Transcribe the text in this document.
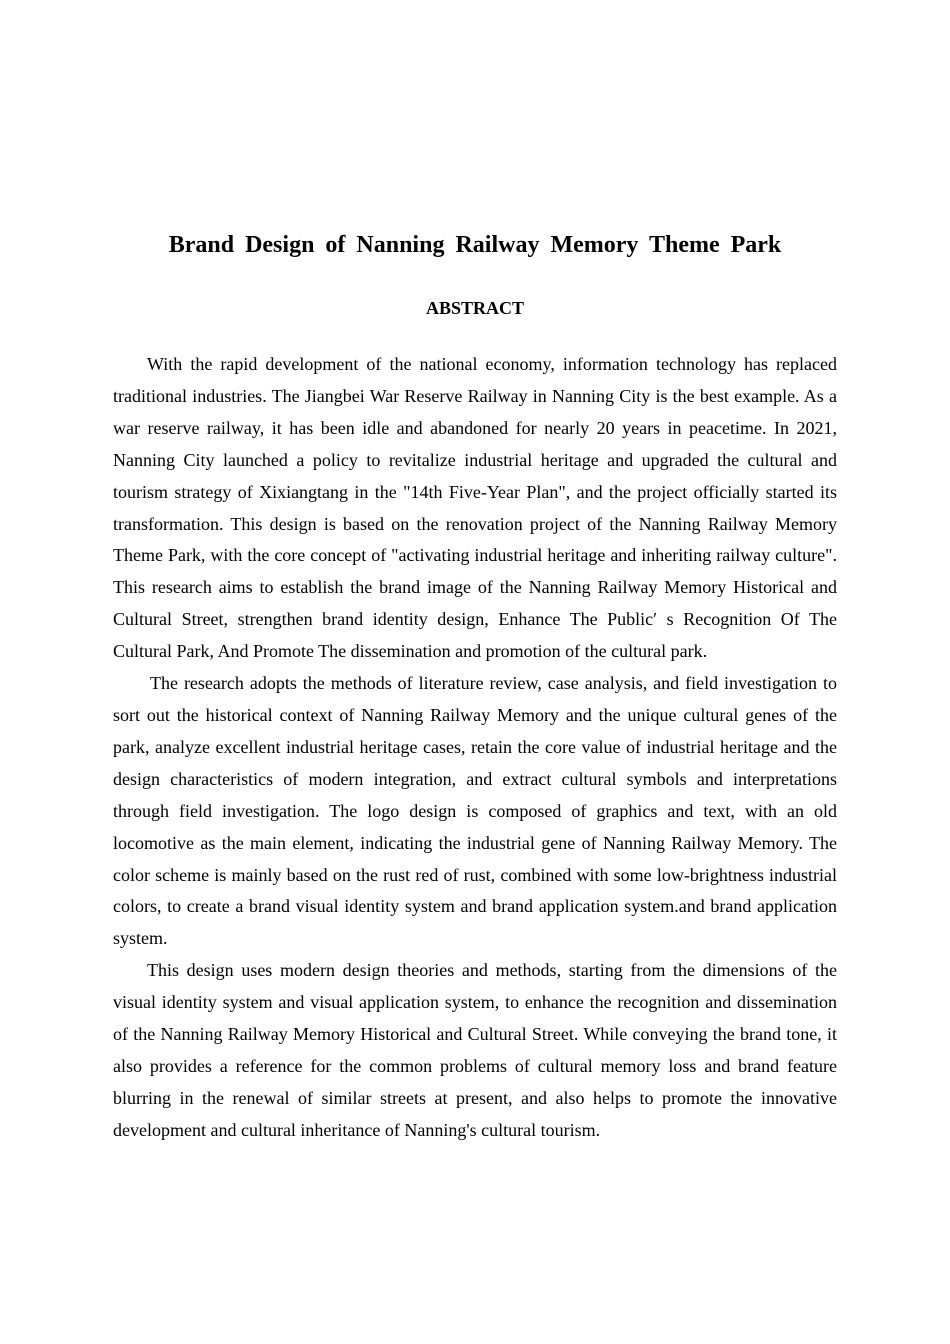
Brand Design of Nanning Railway Memory Theme Park
ABSTRACT

With the rapid development of the national economy, information technology has replaced traditional industries. The Jiangbei War Reserve Railway in Nanning City is the best example. As a war reserve railway, it has been idle and abandoned for nearly 20 years in peacetime. In 2021, Nanning City launched a policy to revitalize industrial heritage and upgraded the cultural and tourism strategy of Xixiangtang in the "14th Five-Year Plan", and the project officially started its transformation. This design is based on the renovation project of the Nanning Railway Memory Theme Park, with the core concept of "activating industrial heritage and inheriting railway culture". This research aims to establish the brand image of the Nanning Railway Memory Historical and Cultural Street, strengthen brand identity design, Enhance The Public′ s Recognition Of The Cultural Park, And Promote The dissemination and promotion of the cultural park.

The research adopts the methods of literature review, case analysis, and field investigation to sort out the historical context of Nanning Railway Memory and the unique cultural genes of the park, analyze excellent industrial heritage cases, retain the core value of industrial heritage and the design characteristics of modern integration, and extract cultural symbols and interpretations through field investigation. The logo design is composed of graphics and text, with an old locomotive as the main element, indicating the industrial gene of Nanning Railway Memory. The color scheme is mainly based on the rust red of rust, combined with some low-brightness industrial colors, to create a brand visual identity system and brand application system.and brand application system.

This design uses modern design theories and methods, starting from the dimensions of the visual identity system and visual application system, to enhance the recognition and dissemination of the Nanning Railway Memory Historical and Cultural Street. While conveying the brand tone, it also provides a reference for the common problems of cultural memory loss and brand feature blurring in the renewal of similar streets at present, and also helps to promote the innovative development and cultural inheritance of Nanning's cultural tourism.
